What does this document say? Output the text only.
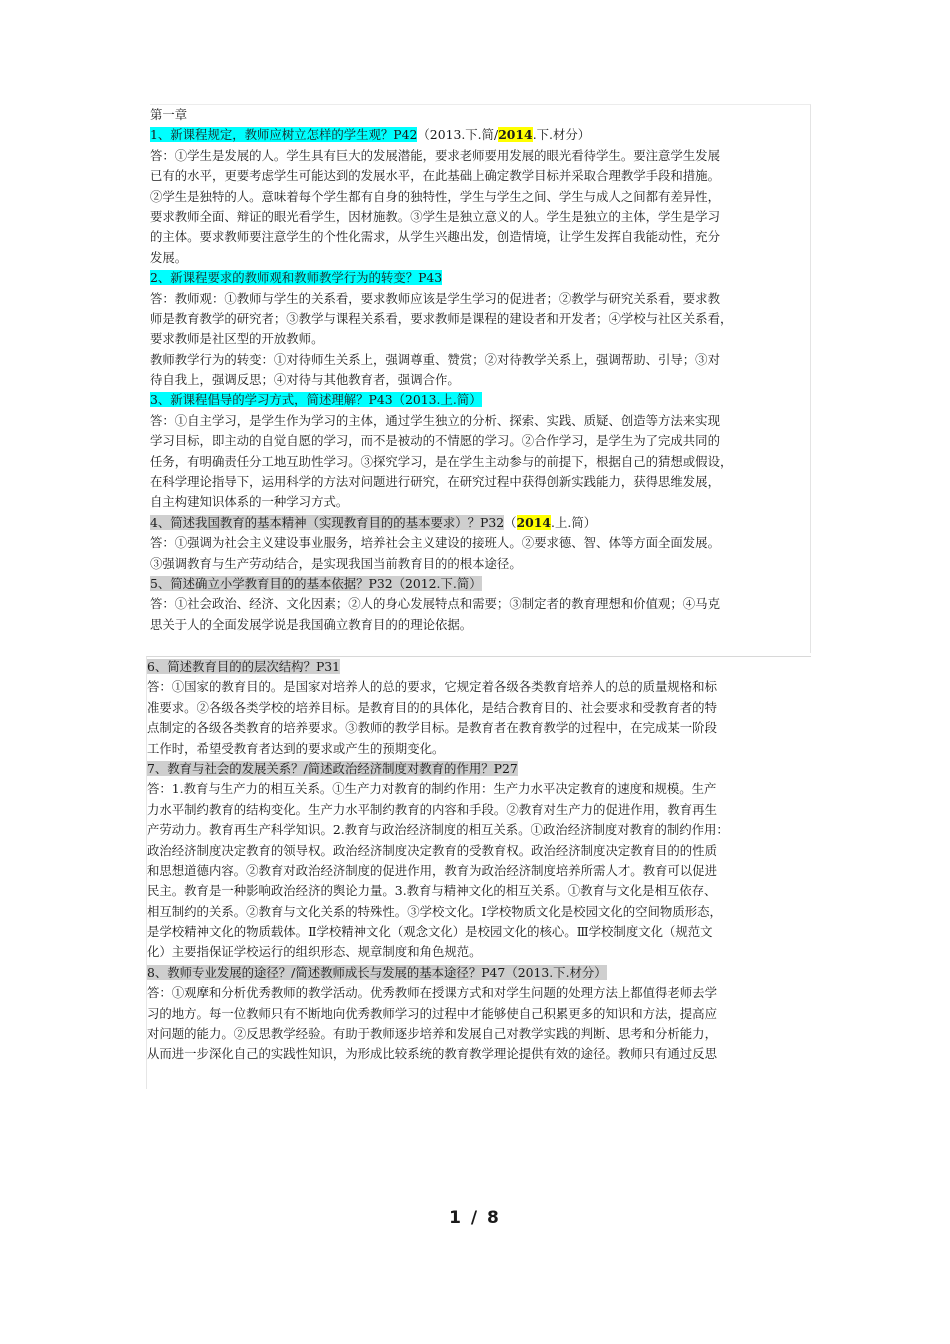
第一章
1、新课程规定，教师应树立怎样的学生观？P42（2013.下.简/2014.下.材分）
答：①学生是发展的人。学生具有巨大的发展潜能，要求老师要用发展的眼光看待学生。要注意学生发展
已有的水平，更要考虑学生可能达到的发展水平，在此基础上确定教学目标并采取合理教学手段和措施。
②学生是独特的人。意味着每个学生都有自身的独特性，学生与学生之间、学生与成人之间都有差异性，
要求教师全面、辩证的眼光看学生，因材施教。③学生是独立意义的人。学生是独立的主体，学生是学习
的主体。要求教师要注意学生的个性化需求，从学生兴趣出发，创造情境，让学生发挥自我能动性，充分
发展。
2、新课程要求的教师观和教师教学行为的转变？P43
答：教师观：①教师与学生的关系看，要求教师应该是学生学习的促进者；②教学与研究关系看，要求教
师是教育教学的研究者；③教学与课程关系看，要求教师是课程的建设者和开发者；④学校与社区关系看，
要求教师是社区型的开放教师。
教师教学行为的转变：①对待师生关系上，强调尊重、赞赏；②对待教学关系上，强调帮助、引导；③对
待自我上，强调反思；④对待与其他教育者，强调合作。
3、新课程倡导的学习方式，简述理解？P43（2013.上.简）
答：①自主学习，是学生作为学习的主体，通过学生独立的分析、探索、实践、质疑、创造等方法来实现
学习目标，即主动的自觉自愿的学习，而不是被动的不情愿的学习。②合作学习，是学生为了完成共同的
任务，有明确责任分工地互助性学习。③探究学习，是在学生主动参与的前提下，根据自己的猜想或假设，
在科学理论指导下，运用科学的方法对问题进行研究，在研究过程中获得创新实践能力，获得思维发展，
自主构建知识体系的一种学习方式。
4、简述我国教育的基本精神（实现教育目的的基本要求）？P32（2014.上.简）
答：①强调为社会主义建设事业服务，培养社会主义建设的接班人。②要求德、智、体等方面全面发展。
③强调教育与生产劳动结合，是实现我国当前教育目的的根本途径。
5、简述确立小学教育目的的基本依据？P32（2012.下.简）
答：①社会政治、经济、文化因素；②人的身心发展特点和需要；③制定者的教育理想和价值观；④马克
思关于人的全面发展学说是我国确立教育目的的理论依据。
6、简述教育目的的层次结构？P31
答：①国家的教育目的。是国家对培养人的总的要求，它规定着各级各类教育培养人的总的质量规格和标
准要求。②各级各类学校的培养目标。是教育目的的具体化，是结合教育目的、社会要求和受教育者的特
点制定的各级各类教育的培养要求。③教师的教学目标。是教育者在教育教学的过程中，在完成某一阶段
工作时，希望受教育者达到的要求或产生的预期变化。
7、教育与社会的发展关系？/简述政治经济制度对教育的作用？P27
答：1.教育与生产力的相互关系。①生产力对教育的制约作用：生产力水平决定教育的速度和规模。生产
力水平制约教育的结构变化。生产力水平制约教育的内容和手段。②教育对生产力的促进作用，教育再生
产劳动力。教育再生产科学知识。2.教育与政治经济制度的相互关系。①政治经济制度对教育的制约作用：
政治经济制度决定教育的领导权。政治经济制度决定教育的受教育权。政治经济制度决定教育目的的性质
和思想道德内容。②教育对政治经济制度的促进作用，教育为政治经济制度培养所需人才。教育可以促进
民主。教育是一种影响政治经济的舆论力量。3.教育与精神文化的相互关系。①教育与文化是相互依存、
相互制约的关系。②教育与文化关系的特殊性。③学校文化。Ⅰ学校物质文化是校园文化的空间物质形态，
是学校精神文化的物质载体。Ⅱ学校精神文化（观念文化）是校园文化的核心。Ⅲ学校制度文化（规范文
化）主要指保证学校运行的组织形态、规章制度和角色规范。
8、教师专业发展的途径？/简述教师成长与发展的基本途径？P47（2013.下.材分）
答：①观摩和分析优秀教师的教学活动。优秀教师在授课方式和对学生问题的处理方法上都值得老师去学
习的地方。每一位教师只有不断地向优秀教师学习的过程中才能够使自己积累更多的知识和方法，提高应
对问题的能力。②反思教学经验。有助于教师逐步培养和发展自己对教学实践的判断、思考和分析能力，
从而进一步深化自己的实践性知识，为形成比较系统的教育教学理论提供有效的途径。教师只有通过反思
1 / 8
